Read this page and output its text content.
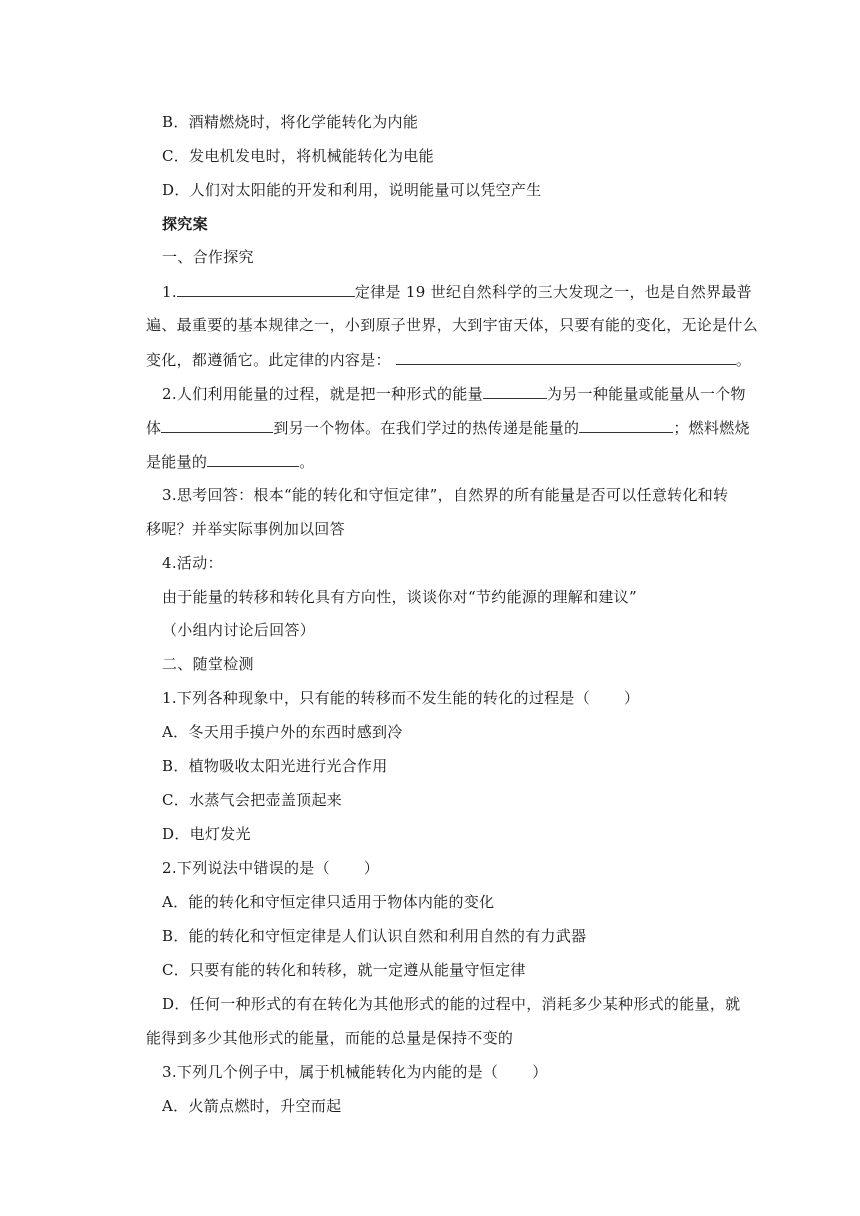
B．酒精燃烧时，将化学能转化为内能
C．发电机发电时，将机械能转化为电能
D．人们对太阳能的开发和利用，说明能量可以凭空产生
探究案
一、合作探究
1.	定律是 19 世纪自然科学的三大发现之一，也是自然界最普
遍、最重要的基本规律之一，小到原子世界，大到宇宙天体，只要有能的变化，无论是什么
变化，都遵循它。此定律的内容是：	。
2.人们利用能量的过程，就是把一种形式的能量	为另一种能量或能量从一个物
体	到另一个物体。在我们学过的热传递是能量的	；燃料燃烧
是能量的	。
3.思考回答：根本“能的转化和守恒定律”，自然界的所有能量是否可以任意转化和转
移呢？并举实际事例加以回答
4.活动：
由于能量的转移和转化具有方向性，谈谈你对“节约能源的理解和建议”
（小组内讨论后回答）
二、随堂检测
1.下列各种现象中，只有能的转移而不发生能的转化的过程是（ ）
A．冬天用手摸户外的东西时感到冷
B．植物吸收太阳光进行光合作用
C．水蒸气会把壶盖顶起来
D．电灯发光
2.下列说法中错误的是（ ）
A．能的转化和守恒定律只适用于物体内能的变化
B．能的转化和守恒定律是人们认识自然和利用自然的有力武器
C．只要有能的转化和转移，就一定遵从能量守恒定律
D．任何一种形式的有在转化为其他形式的能的过程中，消耗多少某种形式的能量，就
能得到多少其他形式的能量，而能的总量是保持不变的
3.下列几个例子中，属于机械能转化为内能的是（ ）
A．火箭点燃时，升空而起
